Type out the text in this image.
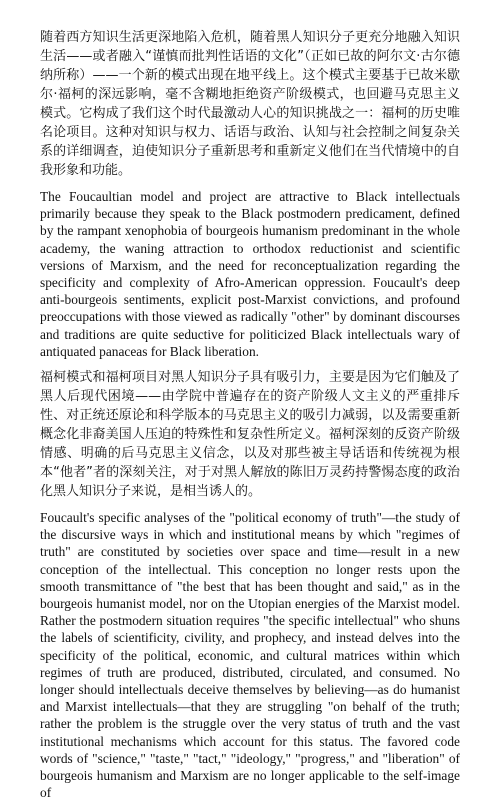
随着西方知识生活更深地陷入危机，随着黑人知识分子更充分地融入知识生活——或者融入“谨慎而批判性话语的文化”（正如已故的阿尔文·古尔德纳所称）——一个新的模式出现在地平线上。这个模式主要基于已故米歇尔·福柯的深远影响，毫不含糊地拒绝资产阶级模式，也回避马克思主义模式。它构成了我们这个时代最激动人心的知识挑战之一：福柯的历史唯名论项目。这种对知识与权力、话语与政治、认知与社会控制之间复杂关系的详细调查，迫使知识分子重新思考和重新定义他们在当代情境中的自我形象和功能。

The Foucaultian model and project are attractive to Black intellectuals primarily because they speak to the Black postmodern predicament, defined by the rampant xenophobia of bourgeois humanism predominant in the whole academy, the waning attraction to orthodox reductionist and scientific versions of Marxism, and the need for reconceptualization regarding the specificity and complexity of Afro-American oppression. Foucault's deep anti-bourgeois sentiments, explicit post-Marxist convictions, and profound preoccupations with those viewed as radically "other" by dominant discourses and traditions are quite seductive for politicized Black intellectuals wary of antiquated panaceas for Black liberation.

福柯模式和福柯项目对黑人知识分子具有吸引力，主要是因为它们触及了黑人后现代困境——由学院中普遍存在的资产阶级人文主义的严重排斥性、对正统还原论和科学版本的马克思主义的吸引力减弱，以及需要重新概念化非裔美国人压迫的特殊性和复杂性所定义。福柯深刻的反资产阶级情感、明确的后马克思主义信念，以及对那些被主导话语和传统视为根本“他者”者的深刻关注，对于对黑人解放的陈旧万灵药持警惕态度的政治化黑人知识分子来说，是相当诱人的。

Foucault's specific analyses of the "political economy of truth"—the study of the discursive ways in which and institutional means by which "regimes of truth" are constituted by societies over space and time—result in a new conception of the intellectual. This conception no longer rests upon the smooth transmittance of "the best that has been thought and said," as in the bourgeois humanist model, nor on the Utopian energies of the Marxist model. Rather the postmodern situation requires "the specific intellectual" who shuns the labels of scientificity, civility, and prophecy, and instead delves into the specificity of the political, economic, and cultural matrices within which regimes of truth are produced, distributed, circulated, and consumed. No longer should intellectuals deceive themselves by believing—as do humanist and Marxist intellectuals—that they are struggling "on behalf of the truth; rather the problem is the struggle over the very status of truth and the vast institutional mechanisms which account for this status. The favored code words of "science," "taste," "tact," "ideology," "progress," and "liberation" of bourgeois humanism and Marxism are no longer applicable to the self-image of
